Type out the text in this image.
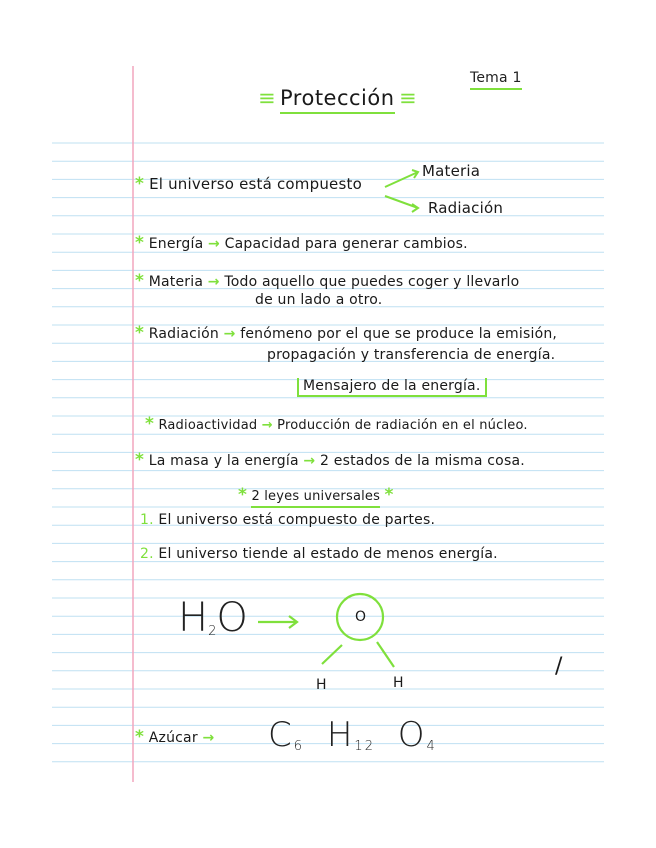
≡ Protección ≡
Tema 1
* El universo está compuesto
Materia
Radiación
* Energía → Capacidad para generar cambios.
* Materia → Todo aquello que puedes coger y llevarlo
de un lado a otro.
* Radiación → fenómeno por el que se produce la emisión,
propagación y transferencia de energía.
Mensajero de la energía.
* Radioactividad → Producción de radiación en el núcleo.
* La masa y la energía → 2 estados de la misma cosa.
* 2 leyes universales *
1. El universo está compuesto de partes.
2. El universo tiende al estado de menos energía.
$H_2O$	O
H	H
/
* Azúcar → $C_6$ $H_{12}$ $O_4$
